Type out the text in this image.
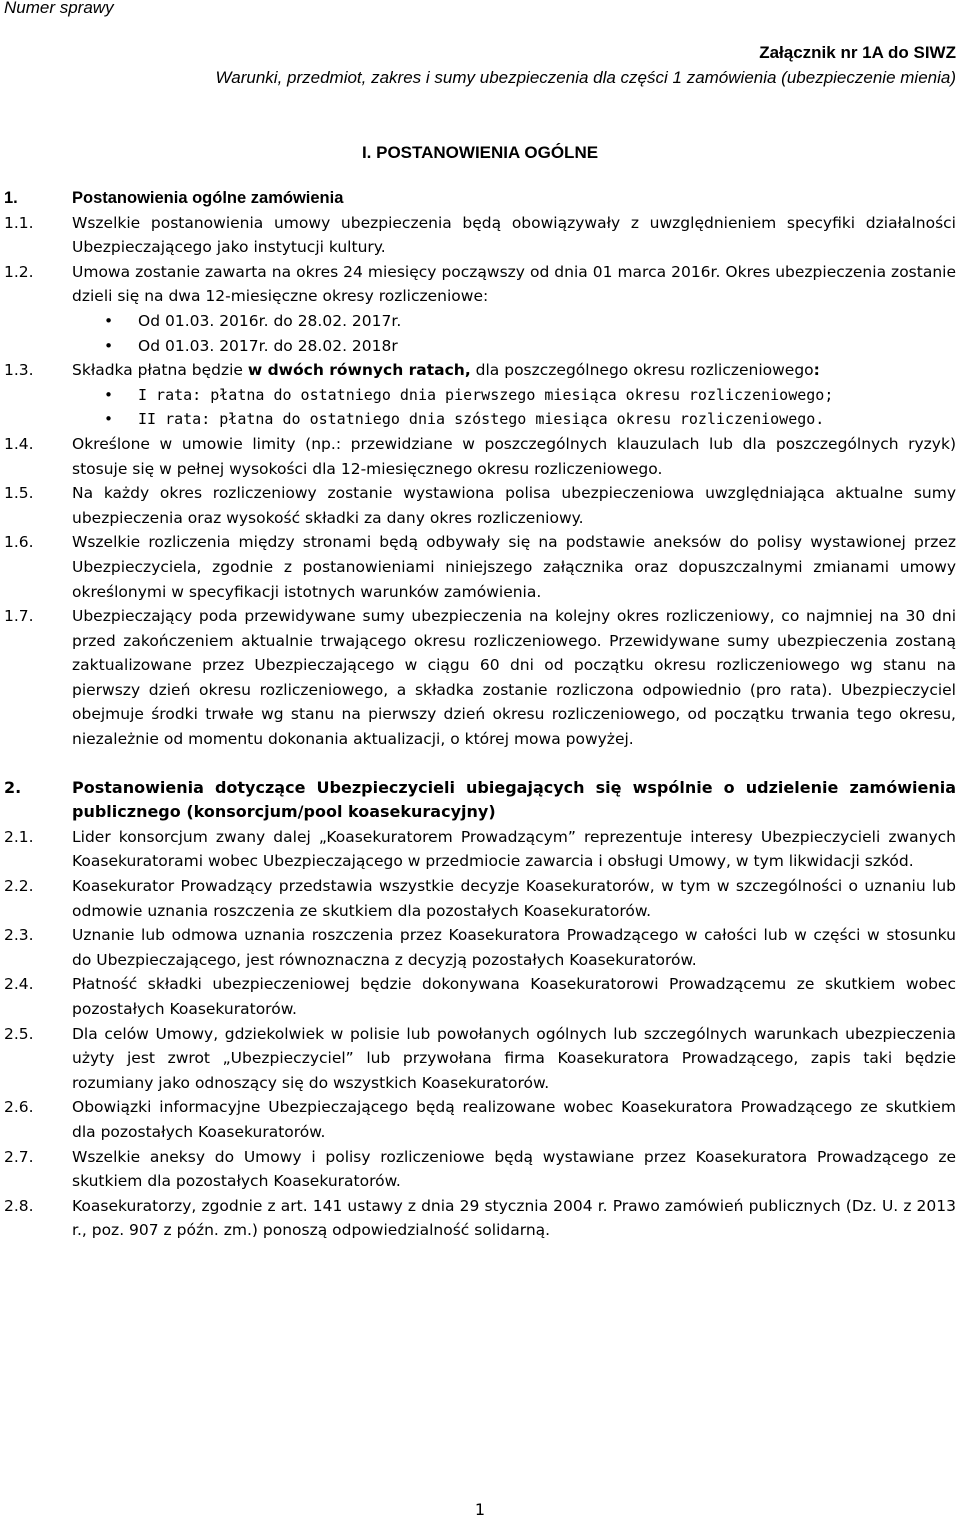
Numer sprawy
Załącznik nr 1A do SIWZ
Warunki, przedmiot, zakres i sumy ubezpieczenia dla części 1 zamówienia (ubezpieczenie mienia)
I. POSTANOWIENIA OGÓLNE
1.	Postanowienia ogólne zamówienia
1.1.	Wszelkie postanowienia umowy ubezpieczenia będą obowiązywały z uwzględnieniem specyfiki działalności Ubezpieczającego jako instytucji kultury.
1.2.	Umowa zostanie zawarta na okres 24 miesięcy począwszy od dnia 01 marca 2016r. Okres ubezpieczenia zostanie dzieli się na dwa 12-miesięczne okresy rozliczeniowe:
• Od 01.03. 2016r. do 28.02. 2017r.
• Od 01.03. 2017r. do 28.02. 2018r
1.3.	Składka płatna będzie w dwóch równych ratach, dla poszczególnego okresu rozliczeniowego:
• I rata: płatna do ostatniego dnia pierwszego miesiąca okresu rozliczeniowego;
• II rata: płatna do ostatniego dnia szóstego miesiąca okresu rozliczeniowego.
1.4.	Określone w umowie limity (np.: przewidziane w poszczególnych klauzulach lub dla poszczególnych ryzyk) stosuje się w pełnej wysokości dla 12-miesięcznego okresu rozliczeniowego.
1.5.	Na każdy okres rozliczeniowy zostanie wystawiona polisa ubezpieczeniowa uwzględniająca aktualne sumy ubezpieczenia oraz wysokość składki za dany okres rozliczeniowy.
1.6.	Wszelkie rozliczenia między stronami będą odbywały się na podstawie aneksów do polisy wystawionej przez Ubezpieczyciela, zgodnie z postanowieniami niniejszego załącznika oraz dopuszczalnymi zmianami umowy określonymi w specyfikacji istotnych warunków zamówienia.
1.7.	Ubezpieczający poda przewidywane sumy ubezpieczenia na kolejny okres rozliczeniowy, co najmniej na 30 dni przed zakończeniem aktualnie trwającego okresu rozliczeniowego. Przewidywane sumy ubezpieczenia zostaną zaktualizowane przez Ubezpieczającego w ciągu 60 dni od początku okresu rozliczeniowego wg stanu na pierwszy dzień okresu rozliczeniowego, a składka zostanie rozliczona odpowiednio (pro rata). Ubezpieczyciel obejmuje środki trwałe wg stanu na pierwszy dzień okresu rozliczeniowego, od początku trwania tego okresu, niezależnie od momentu dokonania aktualizacji, o której mowa powyżej.
2.	Postanowienia dotyczące Ubezpieczycieli ubiegających się wspólnie o udzielenie zamówienia publicznego (konsorcjum/pool koasekuracyjny)
2.1.	Lider konsorcjum zwany dalej „Koasekuratorem Prowadzącym” reprezentuje interesy Ubezpieczycieli zwanych Koasekuratorami wobec Ubezpieczającego w przedmiocie zawarcia i obsługi Umowy, w tym likwidacji szkód.
2.2.	Koasekurator Prowadzący przedstawia wszystkie decyzje Koasekuratorów, w tym w szczególności o uznaniu lub odmowie uznania roszczenia ze skutkiem dla pozostałych Koasekuratorów.
2.3.	Uznanie lub odmowa uznania roszczenia przez Koasekuratora Prowadzącego w całości lub w części w stosunku do Ubezpieczającego, jest równoznaczna z decyzją pozostałych Koasekuratorów.
2.4.	Płatność składki ubezpieczeniowej będzie dokonywana Koasekuratorowi Prowadzącemu ze skutkiem wobec pozostałych Koasekuratorów.
2.5.	Dla celów Umowy, gdziekolwiek w polisie lub powołanych ogólnych lub szczególnych warunkach ubezpieczenia użyty jest zwrot „Ubezpieczyciel” lub przywołana firma Koasekuratora Prowadzącego, zapis taki będzie rozumiany jako odnoszący się do wszystkich Koasekuratorów.
2.6.	Obowiązki informacyjne Ubezpieczającego będą realizowane wobec Koasekuratora Prowadzącego ze skutkiem dla pozostałych Koasekuratorów.
2.7.	Wszelkie aneksy do Umowy i polisy rozliczeniowe będą wystawiane przez Koasekuratora Prowadzącego ze skutkiem dla pozostałych Koasekuratorów.
2.8.	Koasekuratorzy, zgodnie z art. 141 ustawy z dnia 29 stycznia 2004 r. Prawo zamówień publicznych (Dz. U. z 2013 r., poz. 907 z późn. zm.) ponoszą odpowiedzialność solidarną.
1
